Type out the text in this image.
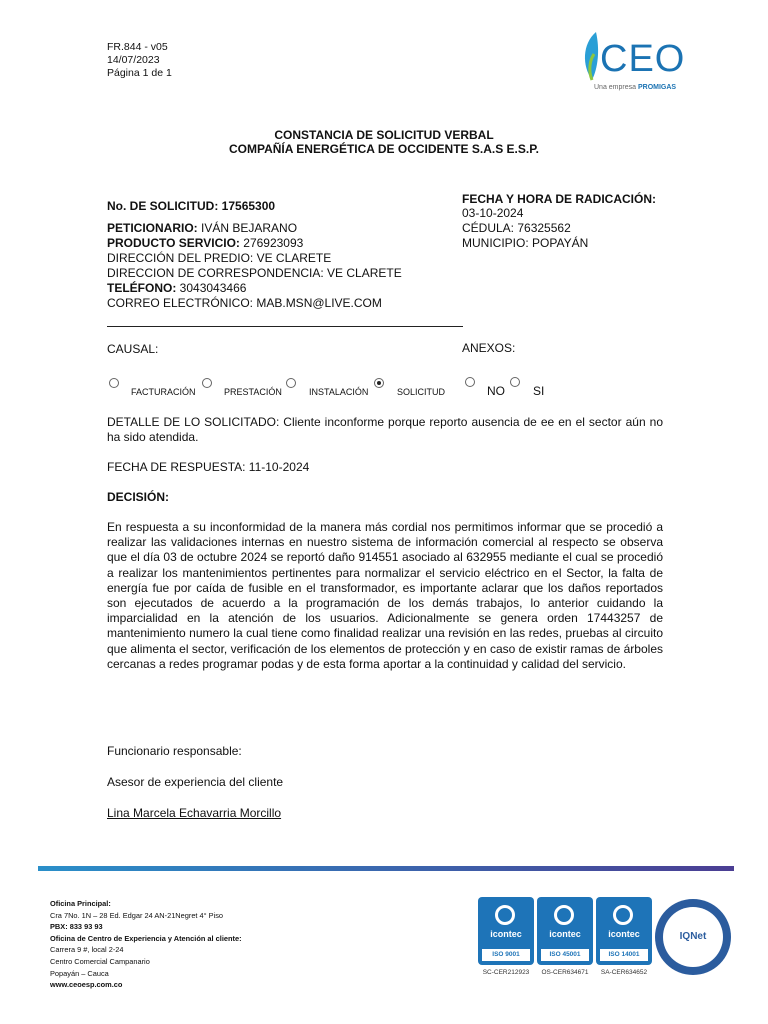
FR.844 - v05
14/07/2023
Página 1 de 1	CEO
Una empresa PROMIGAS
CONSTANCIA DE SOLICITUD VERBAL
COMPAÑÍA ENERGÉTICA DE OCCIDENTE S.A.S E.S.P.
No. DE SOLICITUD: 17565300
PETICIONARIO: IVÁN BEJARANO
PRODUCTO SERVICIO: 276923093
DIRECCIÓN DEL PREDIO: VE CLARETE
DIRECCION DE CORRESPONDENCIA: VE CLARETE
TELÉFONO: 3043043466
CORREO ELECTRÓNICO: MAB.MSN@LIVE.COM
FECHA Y HORA DE RADICACIÓN:
03-10-2024
CÉDULA: 76325562
MUNICIPIO: POPAYÁN
CAUSAL:	ANEXOS:
FACTURACIÓN	PRESTACIÓN	INSTALACIÓN	SOLICITUD	NO SI
DETALLE DE LO SOLICITADO: Cliente inconforme porque reporto ausencia de ee en el sector aún no ha sido atendida.
FECHA DE RESPUESTA: 11-10-2024
DECISIÓN:
En respuesta a su inconformidad de la manera más cordial nos permitimos informar que se procedió a realizar las validaciones internas en nuestro sistema de información comercial al respecto se observa que el día 03 de octubre 2024 se reportó daño 914551 asociado al 632955 mediante el cual se procedió a realizar los mantenimientos pertinentes para normalizar el servicio eléctrico en el Sector, la falta de energía fue por caída de fusible en el transformador, es importante aclarar que los daños reportados son ejecutados de acuerdo a la programación de los demás trabajos, lo anterior cuidando la imparcialidad en la atención de los usuarios. Adicionalmente se genera orden 17443257 de mantenimiento numero la cual tiene como finalidad realizar una revisión en las redes, pruebas al circuito que alimenta el sector, verificación de los elementos de protección y en caso de existir ramas de árboles cercanas a redes programar podas y de esta forma aportar a la continuidad y calidad del servicio.
Funcionario responsable:
Asesor de experiencia del cliente
Lina Marcela Echavarria Morcillo
Oficina Principal:
Cra 7No. 1N – 28 Ed. Edgar 24 AN-21Negret 4° Piso
PBX: 833 93 93
Oficina de Centro de Experiencia y Atención al cliente:
Carrera 9 #, local 2-24
Centro Comercial Campanario
Popayán – Cauca
www.ceoesp.com.co
icontec
ISO 9001
SC-CER212923
icontec
ISO 45001
OS-CER634671
icontec
ISO 14001
SA-CER634652
IQNet
